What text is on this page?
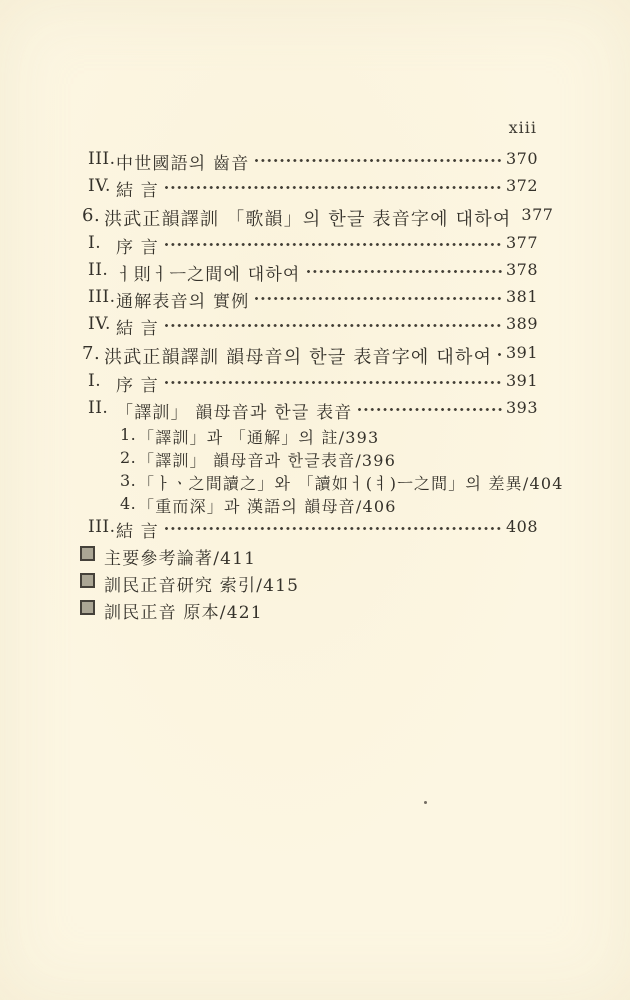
xiii
III. 中世國語의 齒音	370
IV. 結 言	372
6. 洪武正韻譯訓 「歌韻」의 한글 表音字에 대하여 377
I. 序 言	377
II. ㅓ則ㅓㅡ之間에 대하여	378
III. 通解表音의 實例	381
IV. 結 言	389
7. 洪武正韻譯訓 韻母音의 한글 表音字에 대하여 391
I. 序 言	391
II. 「譯訓」 韻母音과 한글 表音	393
1. 「譯訓」과 「通解」의 註/393
2. 「譯訓」 韻母音과 한글表音/396
3. 「ㅏㆍ之間讀之」와 「讀如ㅓ(ㅕ)ㅡ之間」의 差異/404
4. 「重而深」과 漢語의 韻母音/406
III. 結 言	408
主要參考論著/411
訓民正音研究 索引/415
訓民正音 原本/421
